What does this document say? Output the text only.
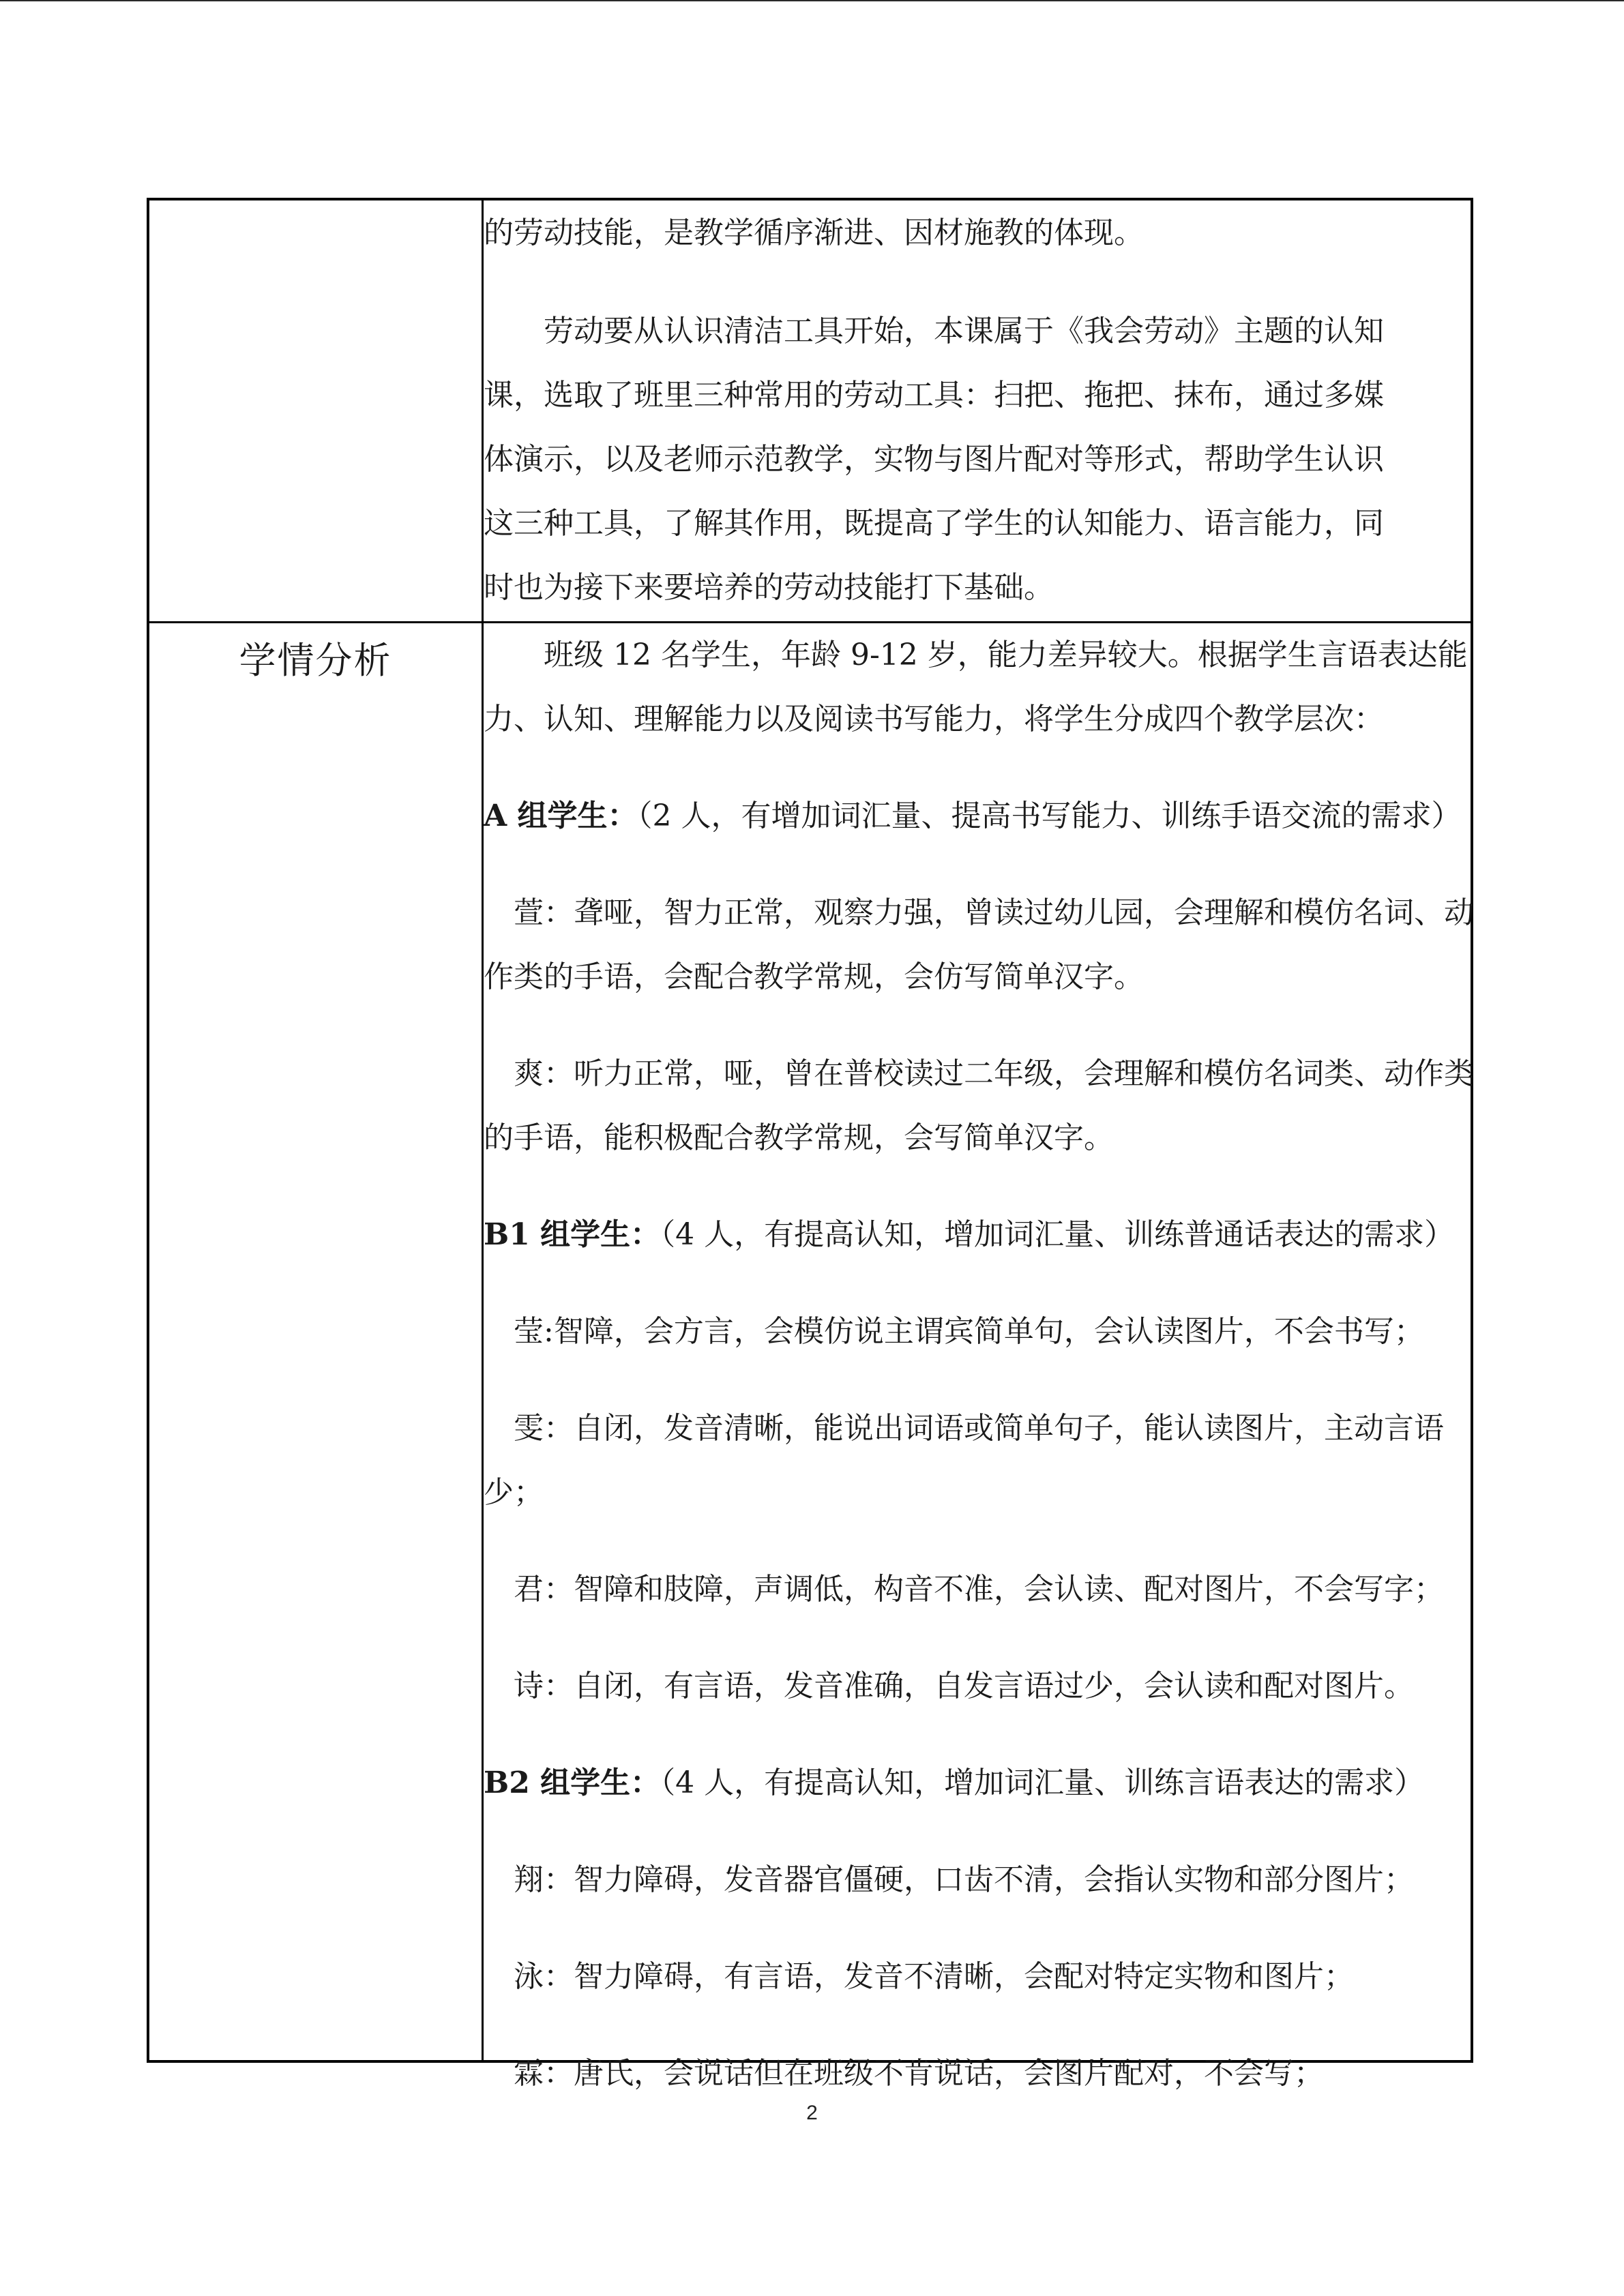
的劳动技能，是教学循序渐进、因材施教的体现。

　　劳动要从认识清洁工具开始，本课属于《我会劳动》主题的认知

课，选取了班里三种常用的劳动工具：扫把、拖把、抹布，通过多媒

体演示，以及老师示范教学，实物与图片配对等形式，帮助学生认识

这三种工具，了解其作用，既提高了学生的认知能力、语言能力，同

时也为接下来要培养的劳动技能打下基础。

学情分析	　　班级 12 名学生，年龄 9-12 岁，能力差异较大。根据学生言语表达能

力、认知、理解能力以及阅读书写能力，将学生分成四个教学层次：

A 组学生：（2 人，有增加词汇量、提高书写能力、训练手语交流的需求）

　萱：聋哑，智力正常，观察力强，曾读过幼儿园，会理解和模仿名词、动

作类的手语，会配合教学常规，会仿写简单汉字。

　爽：听力正常，哑，曾在普校读过二年级，会理解和模仿名词类、动作类

的手语，能积极配合教学常规，会写简单汉字。

B1 组学生：（4 人，有提高认知，增加词汇量、训练普通话表达的需求）

　莹:智障，会方言，会模仿说主谓宾简单句，会认读图片，不会书写；

　雯：自闭，发音清晰，能说出词语或简单句子，能认读图片，主动言语

少；

　君：智障和肢障，声调低，构音不准，会认读、配对图片，不会写字；

　诗：自闭，有言语，发音准确，自发言语过少，会认读和配对图片。

B2 组学生：（4 人，有提高认知，增加词汇量、训练言语表达的需求）

　翔：智力障碍，发音器官僵硬，口齿不清，会指认实物和部分图片；

　泳：智力障碍，有言语，发音不清晰，会配对特定实物和图片；

　霖：唐氏，会说话但在班级不肯说话，会图片配对，不会写；

2
